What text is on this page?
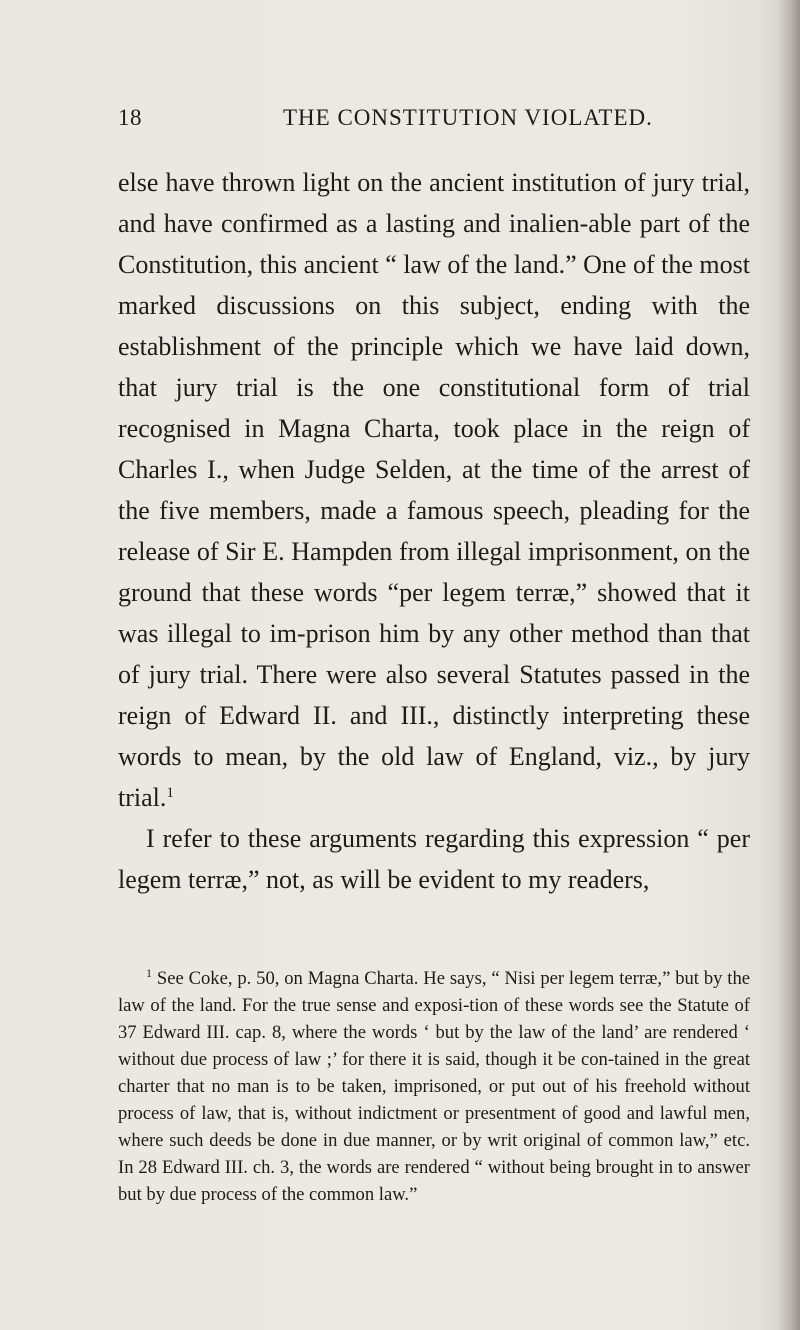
18	THE CONSTITUTION VIOLATED.

else have thrown light on the ancient institution of jury trial, and have confirmed as a lasting and inalien-able part of the Constitution, this ancient “ law of the land.” One of the most marked discussions on this subject, ending with the establishment of the principle which we have laid down, that jury trial is the one constitutional form of trial recognised in Magna Charta, took place in the reign of Charles I., when Judge Selden, at the time of the arrest of the five members, made a famous speech, pleading for the release of Sir E. Hampden from illegal imprisonment, on the ground that these words “per legem terræ,” showed that it was illegal to im-prison him by any other method than that of jury trial. There were also several Statutes passed in the reign of Edward II. and III., distinctly interpreting these words to mean, by the old law of England, viz., by jury trial.$^1$

I refer to these arguments regarding this expression “ per legem terræ,” not, as will be evident to my readers,

$^1$ See Coke, p. 50, on Magna Charta. He says, “ Nisi per legem terræ,” but by the law of the land. For the true sense and exposi-tion of these words see the Statute of 37 Edward III. cap. 8, where the words ‘ but by the law of the land’ are rendered ‘ without due process of law ;’ for there it is said, though it be con-tained in the great charter that no man is to be taken, imprisoned, or put out of his freehold without process of law, that is, without indictment or presentment of good and lawful men, where such deeds be done in due manner, or by writ original of common law,” etc. In 28 Edward III. ch. 3, the words are rendered “ without being brought in to answer but by due process of the common law.”
